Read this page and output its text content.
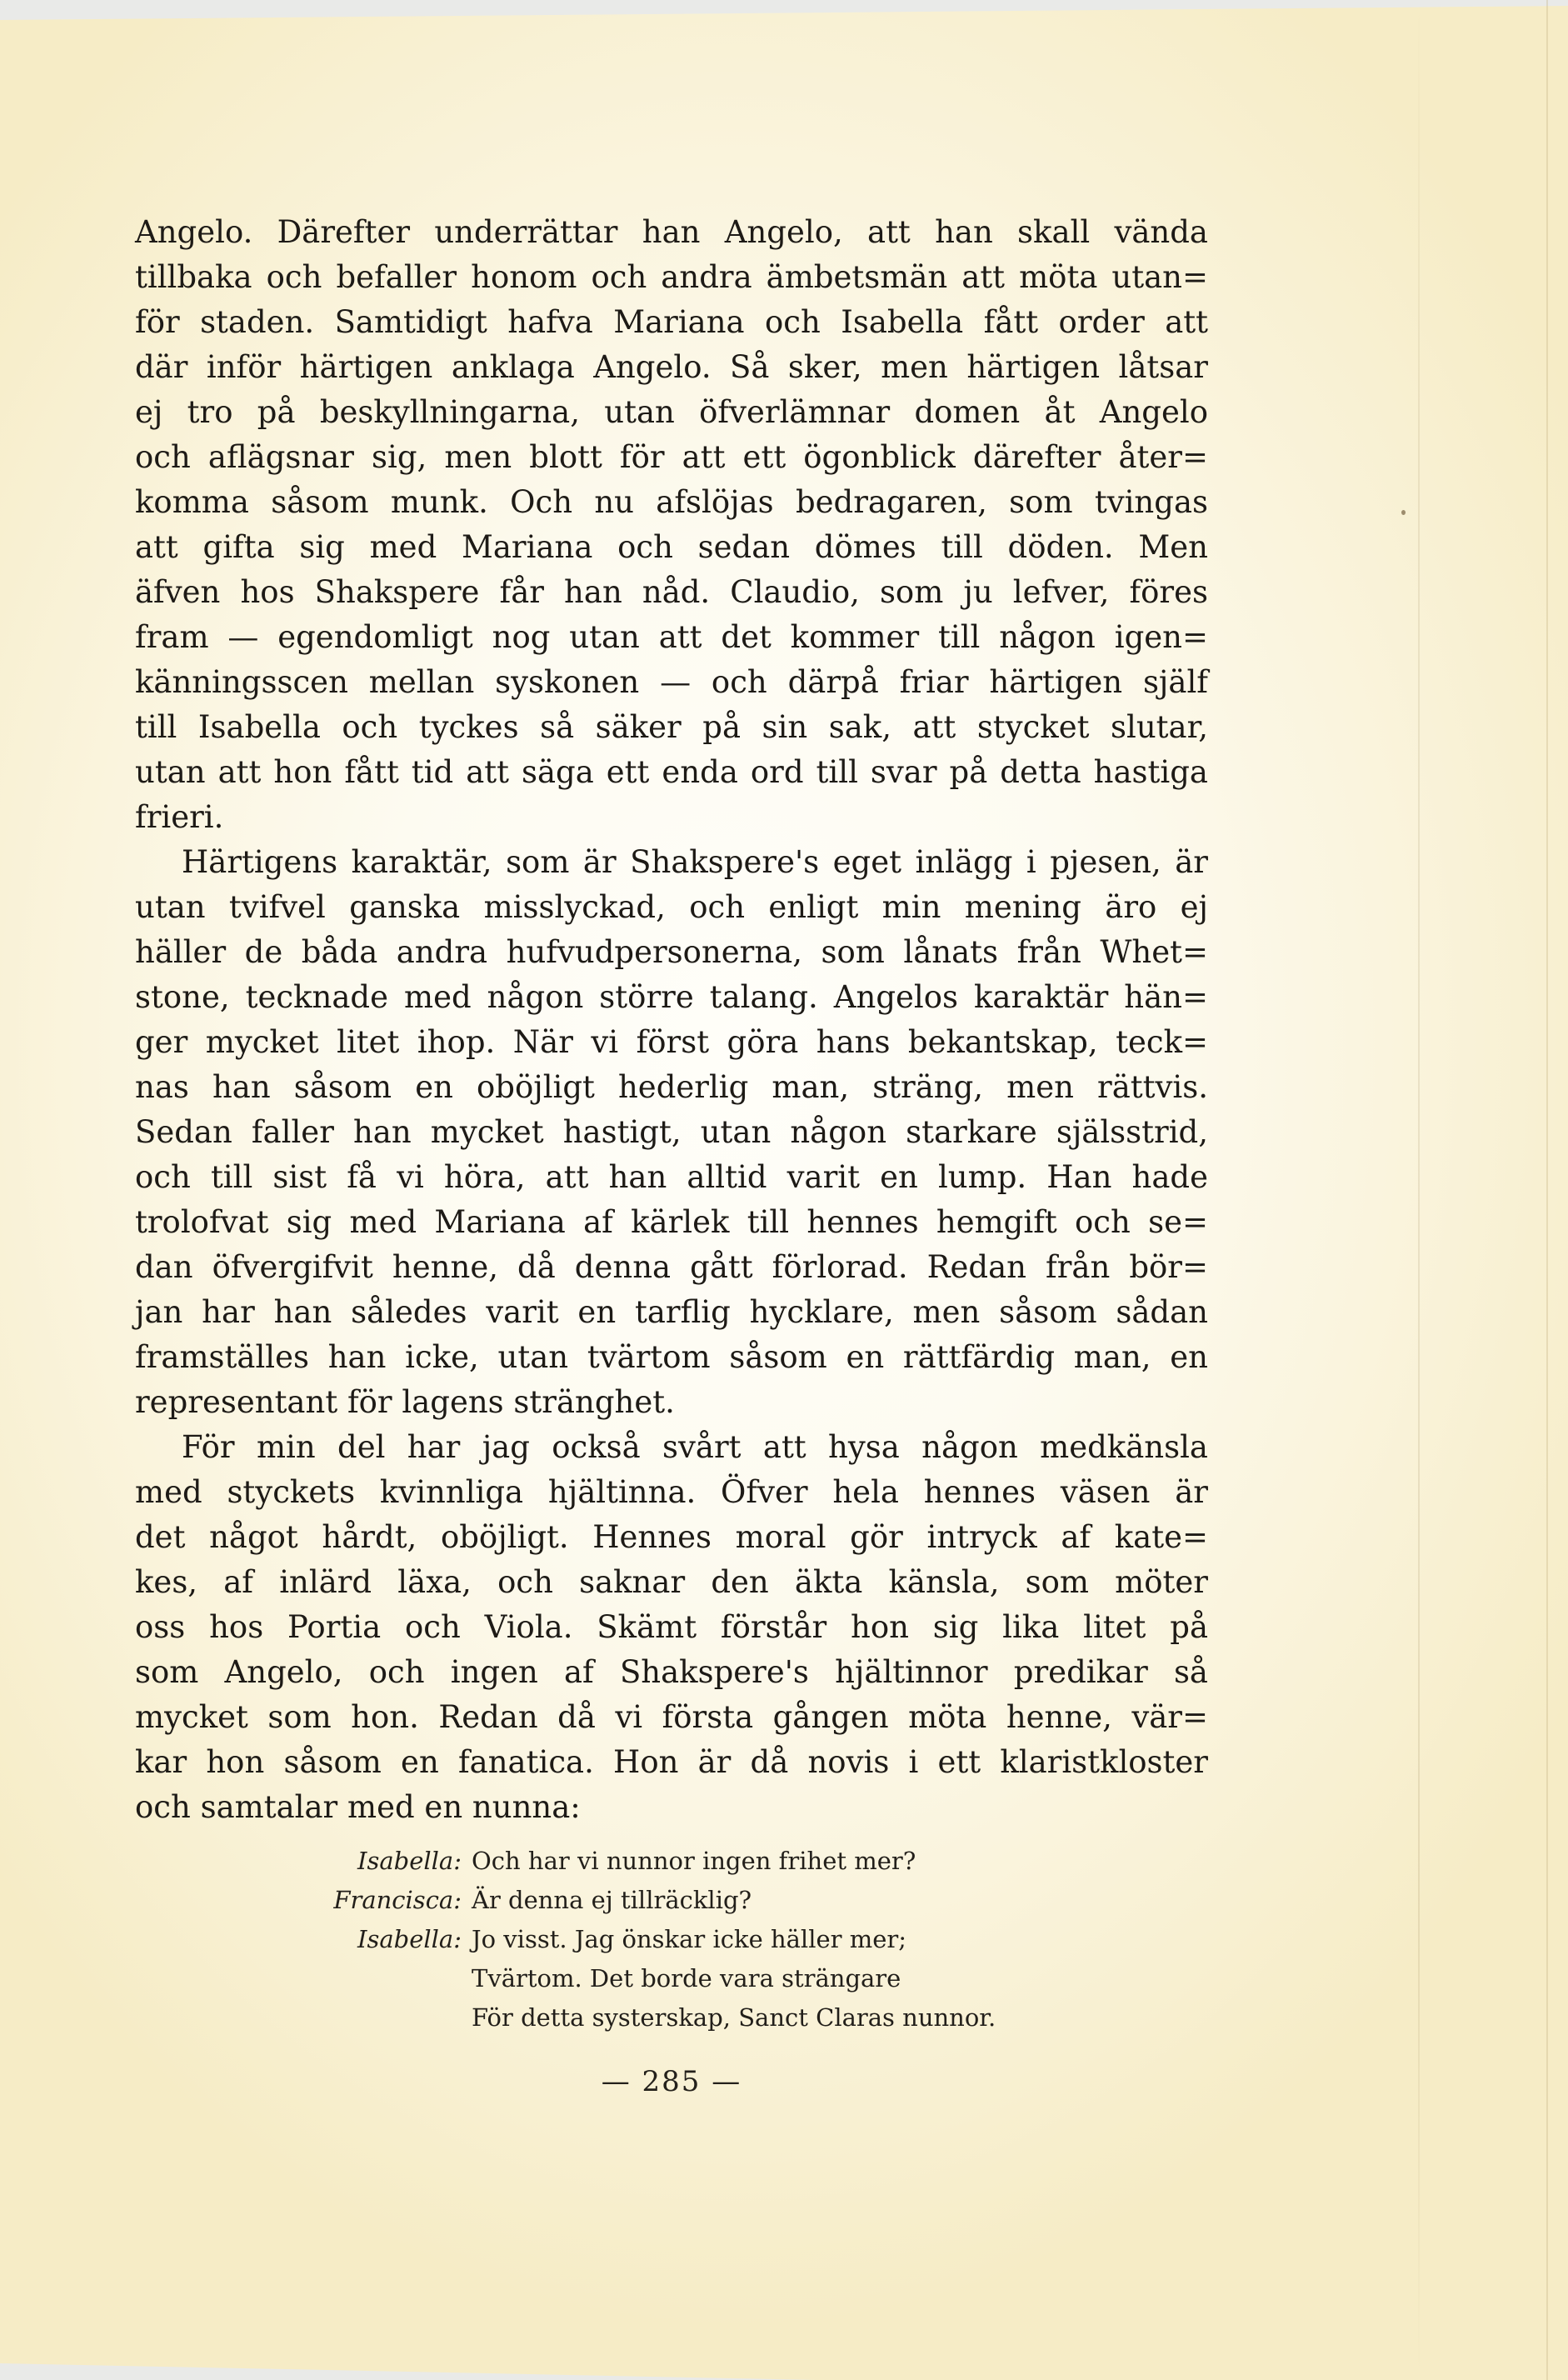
Angelo. Därefter underrättar han Angelo, att han skall vända
tillbaka och befaller honom och andra ämbetsmän att möta utan=
för staden. Samtidigt hafva Mariana och Isabella fått order att
där inför härtigen anklaga Angelo. Så sker, men härtigen låtsar
ej tro på beskyllningarna, utan öfverlämnar domen åt Angelo
och aflägsnar sig, men blott för att ett ögonblick därefter åter=
komma såsom munk. Och nu afslöjas bedragaren, som tvingas
att gifta sig med Mariana och sedan dömes till döden. Men
äfven hos Shakspere får han nåd. Claudio, som ju lefver, föres
fram — egendomligt nog utan att det kommer till någon igen=
känningsscen mellan syskonen — och därpå friar härtigen själf
till Isabella och tyckes så säker på sin sak, att stycket slutar,
utan att hon fått tid att säga ett enda ord till svar på detta hastiga
frieri.
Härtigens karaktär, som är Shakspere's eget inlägg i pjesen, är
utan tvifvel ganska misslyckad, och enligt min mening äro ej
häller de båda andra hufvudpersonerna, som lånats från Whet=
stone, tecknade med någon större talang. Angelos karaktär hän=
ger mycket litet ihop. När vi först göra hans bekantskap, teck=
nas han såsom en oböjligt hederlig man, sträng, men rättvis.
Sedan faller han mycket hastigt, utan någon starkare själsstrid,
och till sist få vi höra, att han alltid varit en lump. Han hade
trolofvat sig med Mariana af kärlek till hennes hemgift och se=
dan öfvergifvit henne, då denna gått förlorad. Redan från bör=
jan har han således varit en tarflig hycklare, men såsom sådan
framställes han icke, utan tvärtom såsom en rättfärdig man, en
representant för lagens stränghet.
För min del har jag också svårt att hysa någon medkänsla
med styckets kvinnliga hjältinna. Öfver hela hennes väsen är
det något hårdt, oböjligt. Hennes moral gör intryck af kate=
kes, af inlärd läxa, och saknar den äkta känsla, som möter
oss hos Portia och Viola. Skämt förstår hon sig lika litet på
som Angelo, och ingen af Shakspere's hjältinnor predikar så
mycket som hon. Redan då vi första gången möta henne, vär=
kar hon såsom en fanatica. Hon är då novis i ett klaristkloster
och samtalar med en nunna:
Isabella: Och har vi nunnor ingen frihet mer?
Francisca: Är denna ej tillräcklig?
Isabella: Jo visst. Jag önskar icke häller mer;
Tvärtom. Det borde vara strängare
För detta systerskap, Sanct Claras nunnor.
— 285 —
